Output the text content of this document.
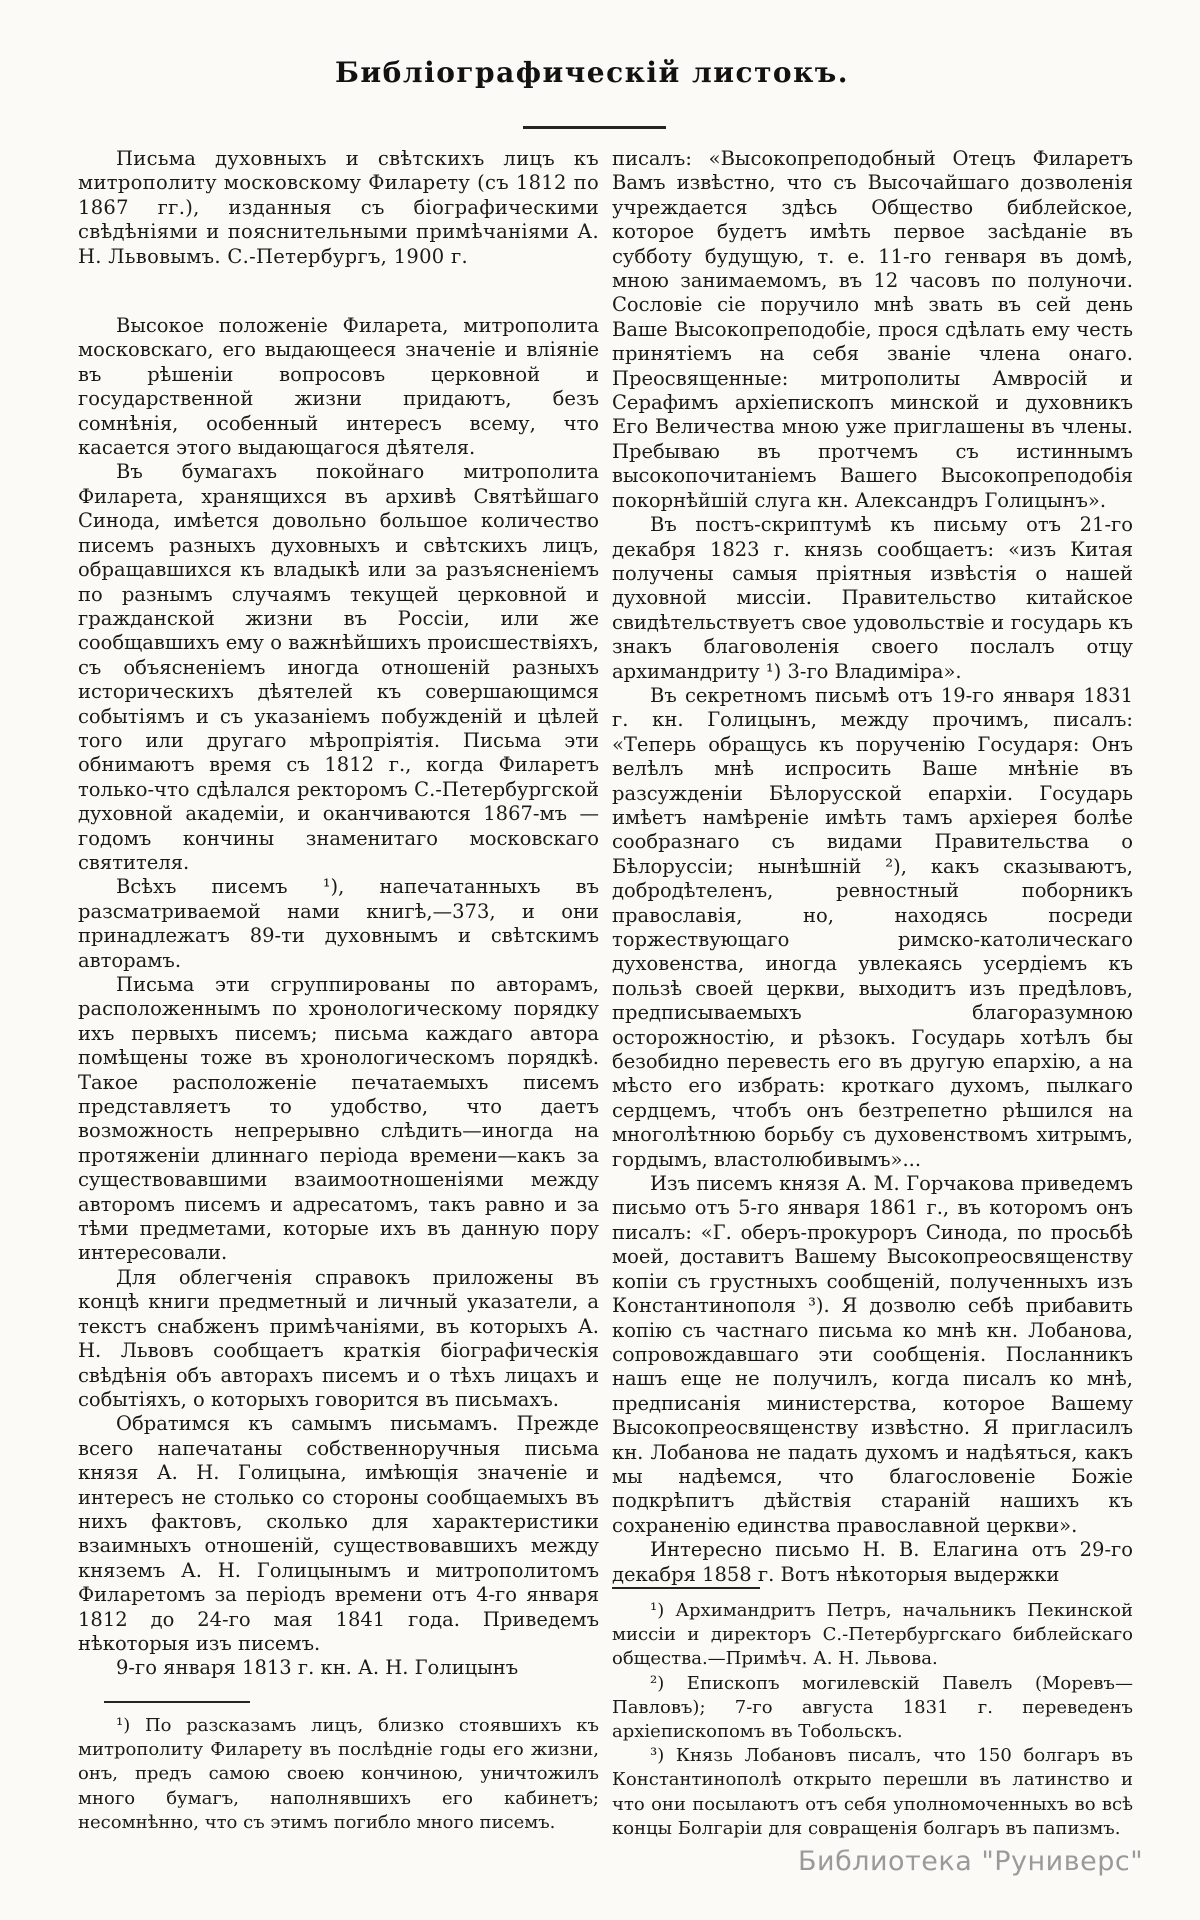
Библіографическій листокъ.

Письма духовныхъ и свѣтскихъ лицъ къ митрополиту московскому Филарету (съ 1812 по 1867 гг.), изданныя съ біографическими свѣдѣніями и пояснительными примѣчаніями А. Н. Львовымъ. С.-Петербургъ, 1900 г.

Высокое положеніе Филарета, митрополита московскаго, его выдающееся значеніе и вліяніе въ рѣшеніи вопросовъ церковной и государственной жизни придаютъ, безъ сомнѣнія, особенный интересъ всему, что касается этого выдающагося дѣятеля.

Въ бумагахъ покойнаго митрополита Филарета, хранящихся въ архивѣ Святѣйшаго Синода, имѣется довольно большое количество писемъ разныхъ духовныхъ и свѣтскихъ лицъ, обращавшихся къ владыкѣ или за разъясненіемъ по разнымъ случаямъ текущей церковной и гражданской жизни въ Россіи, или же сообщавшихъ ему о важнѣйшихъ происшествіяхъ, съ объясненіемъ иногда отношеній разныхъ историческихъ дѣятелей къ совершающимся событіямъ и съ указаніемъ побужденій и цѣлей того или другаго мѣропріятія. Письма эти обнимаютъ время съ 1812 г., когда Филаретъ только-что сдѣлался ректоромъ С.-Петербургской духовной академіи, и оканчиваются 1867-мъ — годомъ кончины знаменитаго московскаго святителя.

Всѣхъ писемъ ¹), напечатанныхъ въ разсматриваемой нами книгѣ,—373, и они принадлежатъ 89-ти духовнымъ и свѣтскимъ авторамъ.

Письма эти сгруппированы по авторамъ, расположеннымъ по хронологическому порядку ихъ первыхъ писемъ; письма каждаго автора помѣщены тоже въ хронологическомъ порядкѣ. Такое расположеніе печатаемыхъ писемъ представляетъ то удобство, что даетъ возможность непрерывно слѣдить—иногда на протяженіи длиннаго періода времени—какъ за существовавшими взаимоотношеніями между авторомъ писемъ и адресатомъ, такъ равно и за тѣми предметами, которые ихъ въ данную пору интересовали.

Для облегченія справокъ приложены въ концѣ книги предметный и личный указатели, а текстъ снабженъ примѣчаніями, въ которыхъ А. Н. Львовъ сообщаетъ краткія біографическія свѣдѣнія объ авторахъ писемъ и о тѣхъ лицахъ и событіяхъ, о которыхъ говорится въ письмахъ.

Обратимся къ самымъ письмамъ. Прежде всего напечатаны собственноручныя письма князя А. Н. Голицына, имѣющія значеніе и интересъ не столько со стороны сообщаемыхъ въ нихъ фактовъ, сколько для характеристики взаимныхъ отношеній, существовавшихъ между княземъ А. Н. Голицынымъ и митрополитомъ Филаретомъ за періодъ времени отъ 4-го января 1812 до 24-го мая 1841 года. Приведемъ нѣкоторыя изъ писемъ.

9-го января 1813 г. кн. А. Н. Голицынъ

писалъ: «Высокопреподобный Отецъ Филаретъ Вамъ извѣстно, что съ Высочайшаго дозволенія учреждается здѣсь Общество библейское, которое будетъ имѣть первое засѣданіе въ субботу будущую, т. е. 11-го генваря въ домѣ, мною занимаемомъ, въ 12 часовъ по полуночи. Сословіе сіе поручило мнѣ звать въ сей день Ваше Высокопреподобіе, прося сдѣлать ему честь принятіемъ на себя званіе члена онаго. Преосвященные: митрополиты Амвросій и Серафимъ архіепископъ минской и духовникъ Его Величества мною уже приглашены въ члены. Пребываю въ протчемъ съ истиннымъ высокопочитаніемъ Вашего Высокопреподобія покорнѣйшій слуга кн. Александръ Голицынъ».

Въ постъ-скриптумѣ къ письму отъ 21-го декабря 1823 г. князь сообщаетъ: «изъ Китая получены самыя пріятныя извѣстія о нашей духовной миссіи. Правительство китайское свидѣтельствуетъ свое удовольствіе и государь къ знакъ благоволенія своего послалъ отцу архимандриту ¹) 3-го Владиміра».

Въ секретномъ письмѣ отъ 19-го января 1831 г. кн. Голицынъ, между прочимъ, писалъ: «Теперь обращусь къ порученію Государя: Онъ велѣлъ мнѣ испросить Ваше мнѣніе въ разсужденіи Бѣлорусской епархіи. Государь имѣетъ намѣреніе имѣть тамъ архіерея болѣе сообразнаго съ видами Правительства о Бѣлоруссіи; нынѣшній ²), какъ сказываютъ, добродѣтеленъ, ревностный поборникъ православія, но, находясь посреди торжествующаго римско-католическаго духовенства, иногда увлекаясь усердіемъ къ пользѣ своей церкви, выходитъ изъ предѣловъ, предписываемыхъ благоразумною осторожностію, и рѣзокъ. Государь хотѣлъ бы безобидно перевесть его въ другую епархію, а на мѣсто его избрать: кроткаго духомъ, пылкаго сердцемъ, чтобъ онъ безтрепетно рѣшился на многолѣтнюю борьбу съ духовенствомъ хитрымъ, гордымъ, властолюбивымъ»...

Изъ писемъ князя А. М. Горчакова приведемъ письмо отъ 5-го января 1861 г., въ которомъ онъ писалъ: «Г. оберъ-прокуроръ Синода, по просьбѣ моей, доставитъ Вашему Высокопреосвященству копіи съ грустныхъ сообщеній, полученныхъ изъ Константинополя ³). Я дозволю себѣ прибавить копію съ частнаго письма ко мнѣ кн. Лобанова, сопровождавшаго эти сообщенія. Посланникъ нашъ еще не получилъ, когда писалъ ко мнѣ, предписанія министерства, которое Вашему Высокопреосвященству извѣстно. Я пригласилъ кн. Лобанова не падать духомъ и надѣяться, какъ мы надѣемся, что благословеніе Божіе подкрѣпитъ дѣйствія стараній нашихъ къ сохраненію единства православной церкви».

Интересно письмо Н. В. Елагина отъ 29-го декабря 1858 г. Вотъ нѣкоторыя выдержки

¹) По разсказамъ лицъ, близко стоявшихъ къ митрополиту Филарету въ послѣдніе годы его жизни, онъ, предъ самою своею кончиною, уничтожилъ много бумагъ, наполнявшихъ его кабинетъ; несомнѣнно, что съ этимъ погибло много писемъ.

¹) Архимандритъ Петръ, начальникъ Пекинской миссіи и директоръ С.-Петербургскаго библейскаго общества.—Примѣч. А. Н. Львова.

²) Епископъ могилевскій Павелъ (Моревъ—Павловъ); 7-го августа 1831 г. переведенъ архіепископомъ въ Тобольскъ.

³) Князь Лобановъ писалъ, что 150 болгаръ въ Константинополѣ открыто перешли въ латинство и что они посылаютъ отъ себя уполномоченныхъ во всѣ концы Болгаріи для совращенія болгаръ въ папизмъ.

Библиотека "Руниверс"
